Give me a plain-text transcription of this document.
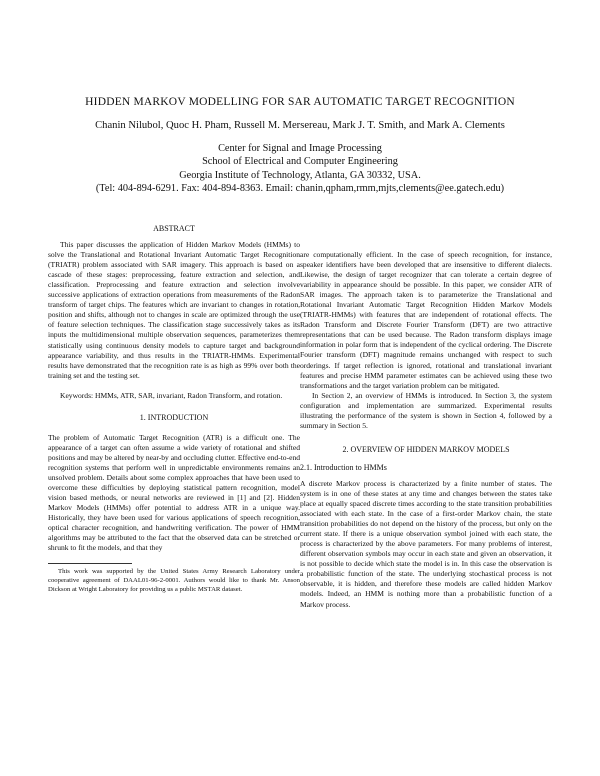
HIDDEN MARKOV MODELLING FOR SAR AUTOMATIC TARGET RECOGNITION
Chanin Nilubol, Quoc H. Pham, Russell M. Mersereau, Mark J. T. Smith, and Mark A. Clements
Center for Signal and Image Processing
School of Electrical and Computer Engineering
Georgia Institute of Technology, Atlanta, GA 30332, USA.
(Tel: 404-894-6291. Fax: 404-894-8363. Email: chanin,qpham,rmm,mjts,clements@ee.gatech.edu)
ABSTRACT

This paper discusses the application of Hidden Markov Models (HMMs) to solve the Translational and Rotational Invariant Automatic Target Recognition (TRIATR) problem associated with SAR imagery. This approach is based on a cascade of these stages: preprocessing, feature extraction and selection, and classification. Preprocessing and feature extraction and selection involve successive applications of extraction operations from measurements of the Radon transform of target chips. The features which are invariant to changes in rotation, position and shifts, although not to changes in scale are optimized through the use of feature selection techniques. The classification stage successively takes as its inputs the multidimensional multiple observation sequences, parameterizes them statistically using continuous density models to capture target and background appearance variability, and thus results in the TRIATR-HMMs. Experimental results have demonstrated that the recognition rate is as high as 99% over both the training set and the testing set.

Keywords: HMMs, ATR, SAR, invariant, Radon Transform, and rotation.

1. INTRODUCTION

The problem of Automatic Target Recognition (ATR) is a difficult one. The appearance of a target can often assume a wide variety of rotational and shifted positions and may be altered by near-by and occluding clutter. Effective end-to-end recognition systems that perform well in unpredictable environments remains an unsolved problem. Details about some complex approaches that have been used to overcome these difficulties by deploying statistical pattern recognition, model vision based methods, or neural networks are reviewed in [1] and [2]. Hidden Markov Models (HMMs) offer potential to address ATR in a unique way. Historically, they have been used for various applications of speech recognition, optical character recognition, and handwriting verification. The power of HMM algorithms may be attributed to the fact that the observed data can be stretched or shrunk to fit the models, and that they

This work was supported by the United States Army Research Laboratory under cooperative agreement of DAAL01-96-2-0001. Authors would like to thank Mr. Anson Dickson at Wright Laboratory for providing us a public MSTAR dataset.

are computationally efficient. In the case of speech recognition, for instance, speaker identifiers have been developed that are insensitive to different dialects. Likewise, the design of target recognizer that can tolerate a certain degree of variability in appearance should be possible. In this paper, we consider ATR of SAR images. The approach taken is to parameterize the Translational and Rotational Invariant Automatic Target Recognition Hidden Markov Models (TRIATR-HMMs) with features that are independent of rotational effects. The Radon Transform and Discrete Fourier Transform (DFT) are two attractive representations that can be used because. The Radon transform displays image information in polar form that is independent of the cyclical ordering. The Discrete Fourier transform (DFT) magnitude remains unchanged with respect to such orderings. If target reflection is ignored, rotational and translational invariant features and precise HMM parameter estimates can be achieved using these two transformations and the target variation problem can be mitigated.

In Section 2, an overview of HMMs is introduced. In Section 3, the system configuration and implementation are summarized. Experimental results illustrating the performance of the system is shown in Section 4, followed by a summary in Section 5.

2. OVERVIEW OF HIDDEN MARKOV MODELS
2.1. Introduction to HMMs

A discrete Markov process is characterized by a finite number of states. The system is in one of these states at any time and changes between the states take place at equally spaced discrete times according to the state transition probabilities associated with each state. In the case of a first-order Markov chain, the state transition probabilities do not depend on the history of the process, but only on the current state. If there is a unique observation symbol joined with each state, the process is characterized by the above parameters. For many problems of interest, different observation symbols may occur in each state and given an observation, it is not possible to decide which state the model is in. In this case the observation is a probabilistic function of the state. The underlying stochastical process is not observable, it is hidden, and therefore these models are called hidden Markov models. Indeed, an HMM is nothing more than a probabilistic function of a Markov process.
